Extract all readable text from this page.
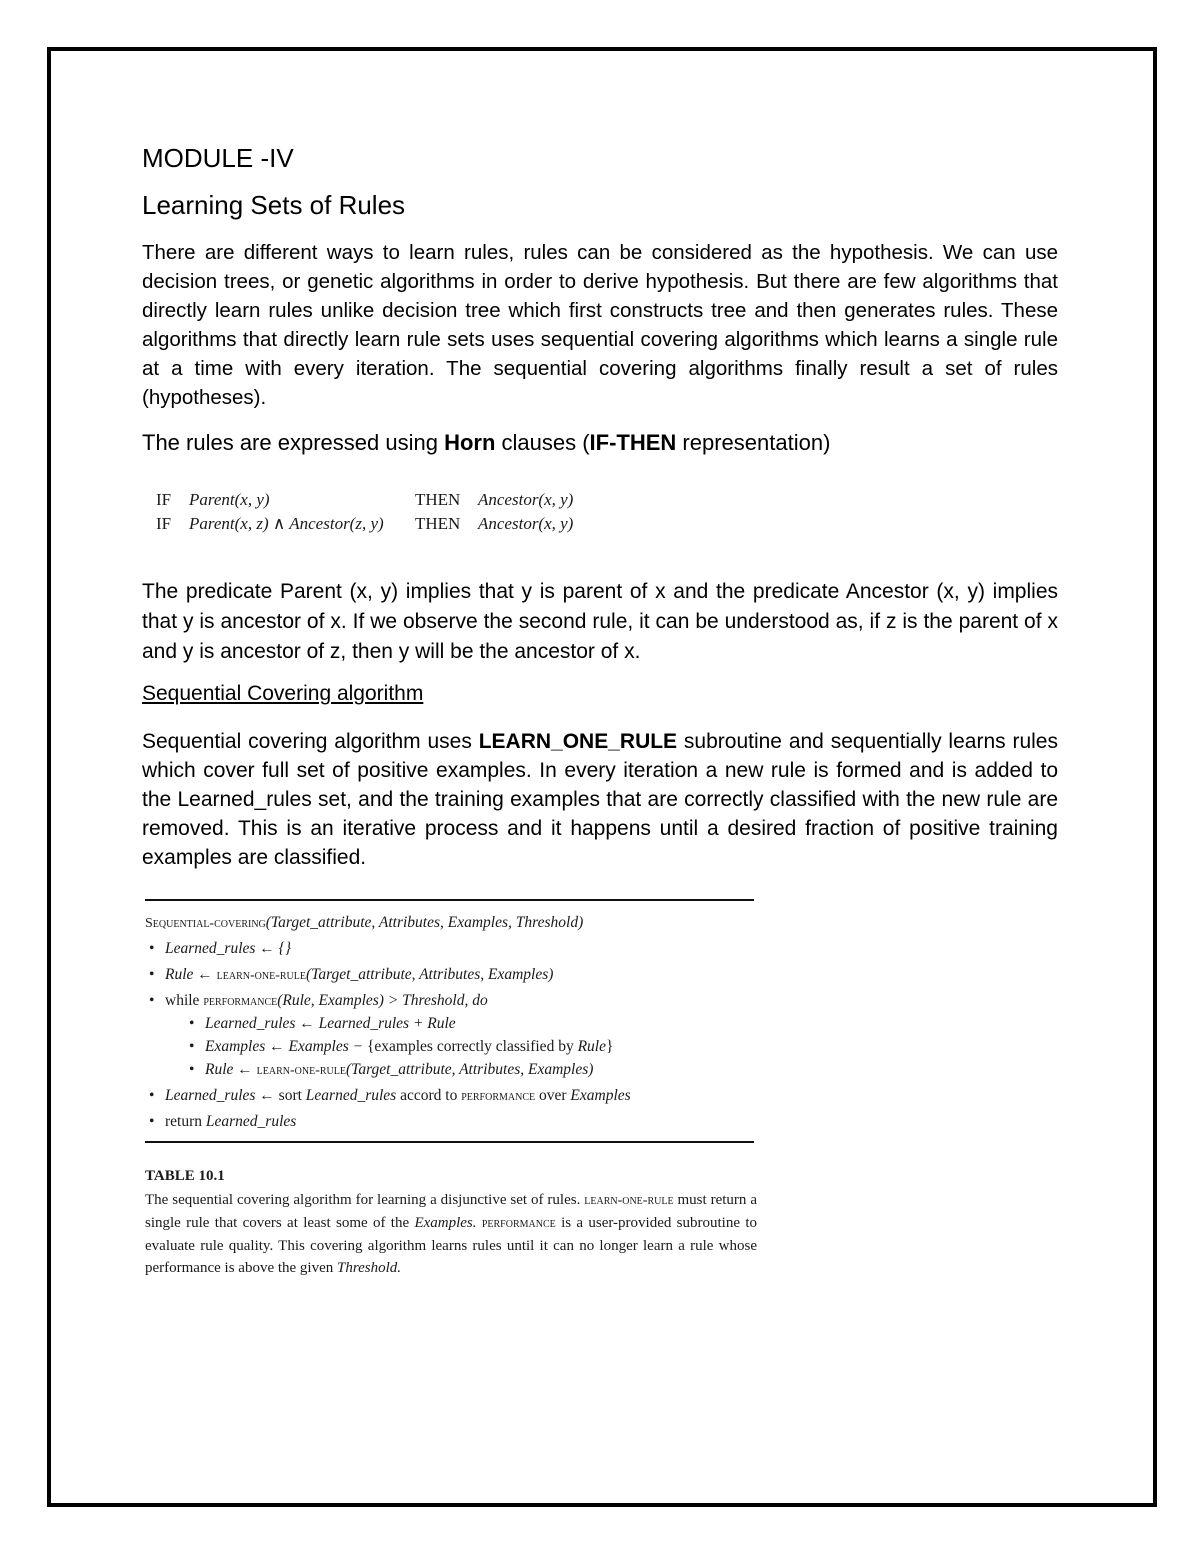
MODULE -IV
Learning Sets of Rules

There are different ways to learn rules, rules can be considered as the hypothesis. We can use decision trees, or genetic algorithms in order to derive hypothesis. But there are few algorithms that directly learn rules unlike decision tree which first constructs tree and then generates rules. These algorithms that directly learn rule sets uses sequential covering algorithms which learns a single rule at a time with every iteration. The sequential covering algorithms finally result a set of rules (hypotheses).

The rules are expressed using Horn clauses (IF-THEN representation)

IF	Parent(x, y)	THEN	Ancestor(x, y)
IF	Parent(x, z) ∧ Ancestor(z, y)	THEN	Ancestor(x, y)

The predicate Parent (x, y) implies that y is parent of x and the predicate Ancestor (x, y) implies that y is ancestor of x. If we observe the second rule, it can be understood as, if z is the parent of x and y is ancestor of z, then y will be the ancestor of x.

Sequential Covering algorithm

Sequential covering algorithm uses LEARN_ONE_RULE subroutine and sequentially learns rules which cover full set of positive examples. In every iteration a new rule is formed and is added to the Learned_rules set, and the training examples that are correctly classified with the new rule are removed. This is an iterative process and it happens until a desired fraction of positive training examples are classified.

Sequential-covering(Target_attribute, Attributes, Examples, Threshold)
• Learned_rules ← {}
• Rule ← learn-one-rule(Target_attribute, Attributes, Examples)
• while performance(Rule, Examples) > Threshold, do
• Learned_rules ← Learned_rules + Rule
• Examples ← Examples − {examples correctly classified by Rule}
• Rule ← learn-one-rule(Target_attribute, Attributes, Examples)
• Learned_rules ← sort Learned_rules accord to performance over Examples
• return Learned_rules

TABLE 10.1

The sequential covering algorithm for learning a disjunctive set of rules. learn-one-rule must return a single rule that covers at least some of the Examples. performance is a user-provided subroutine to evaluate rule quality. This covering algorithm learns rules until it can no longer learn a rule whose performance is above the given Threshold.
